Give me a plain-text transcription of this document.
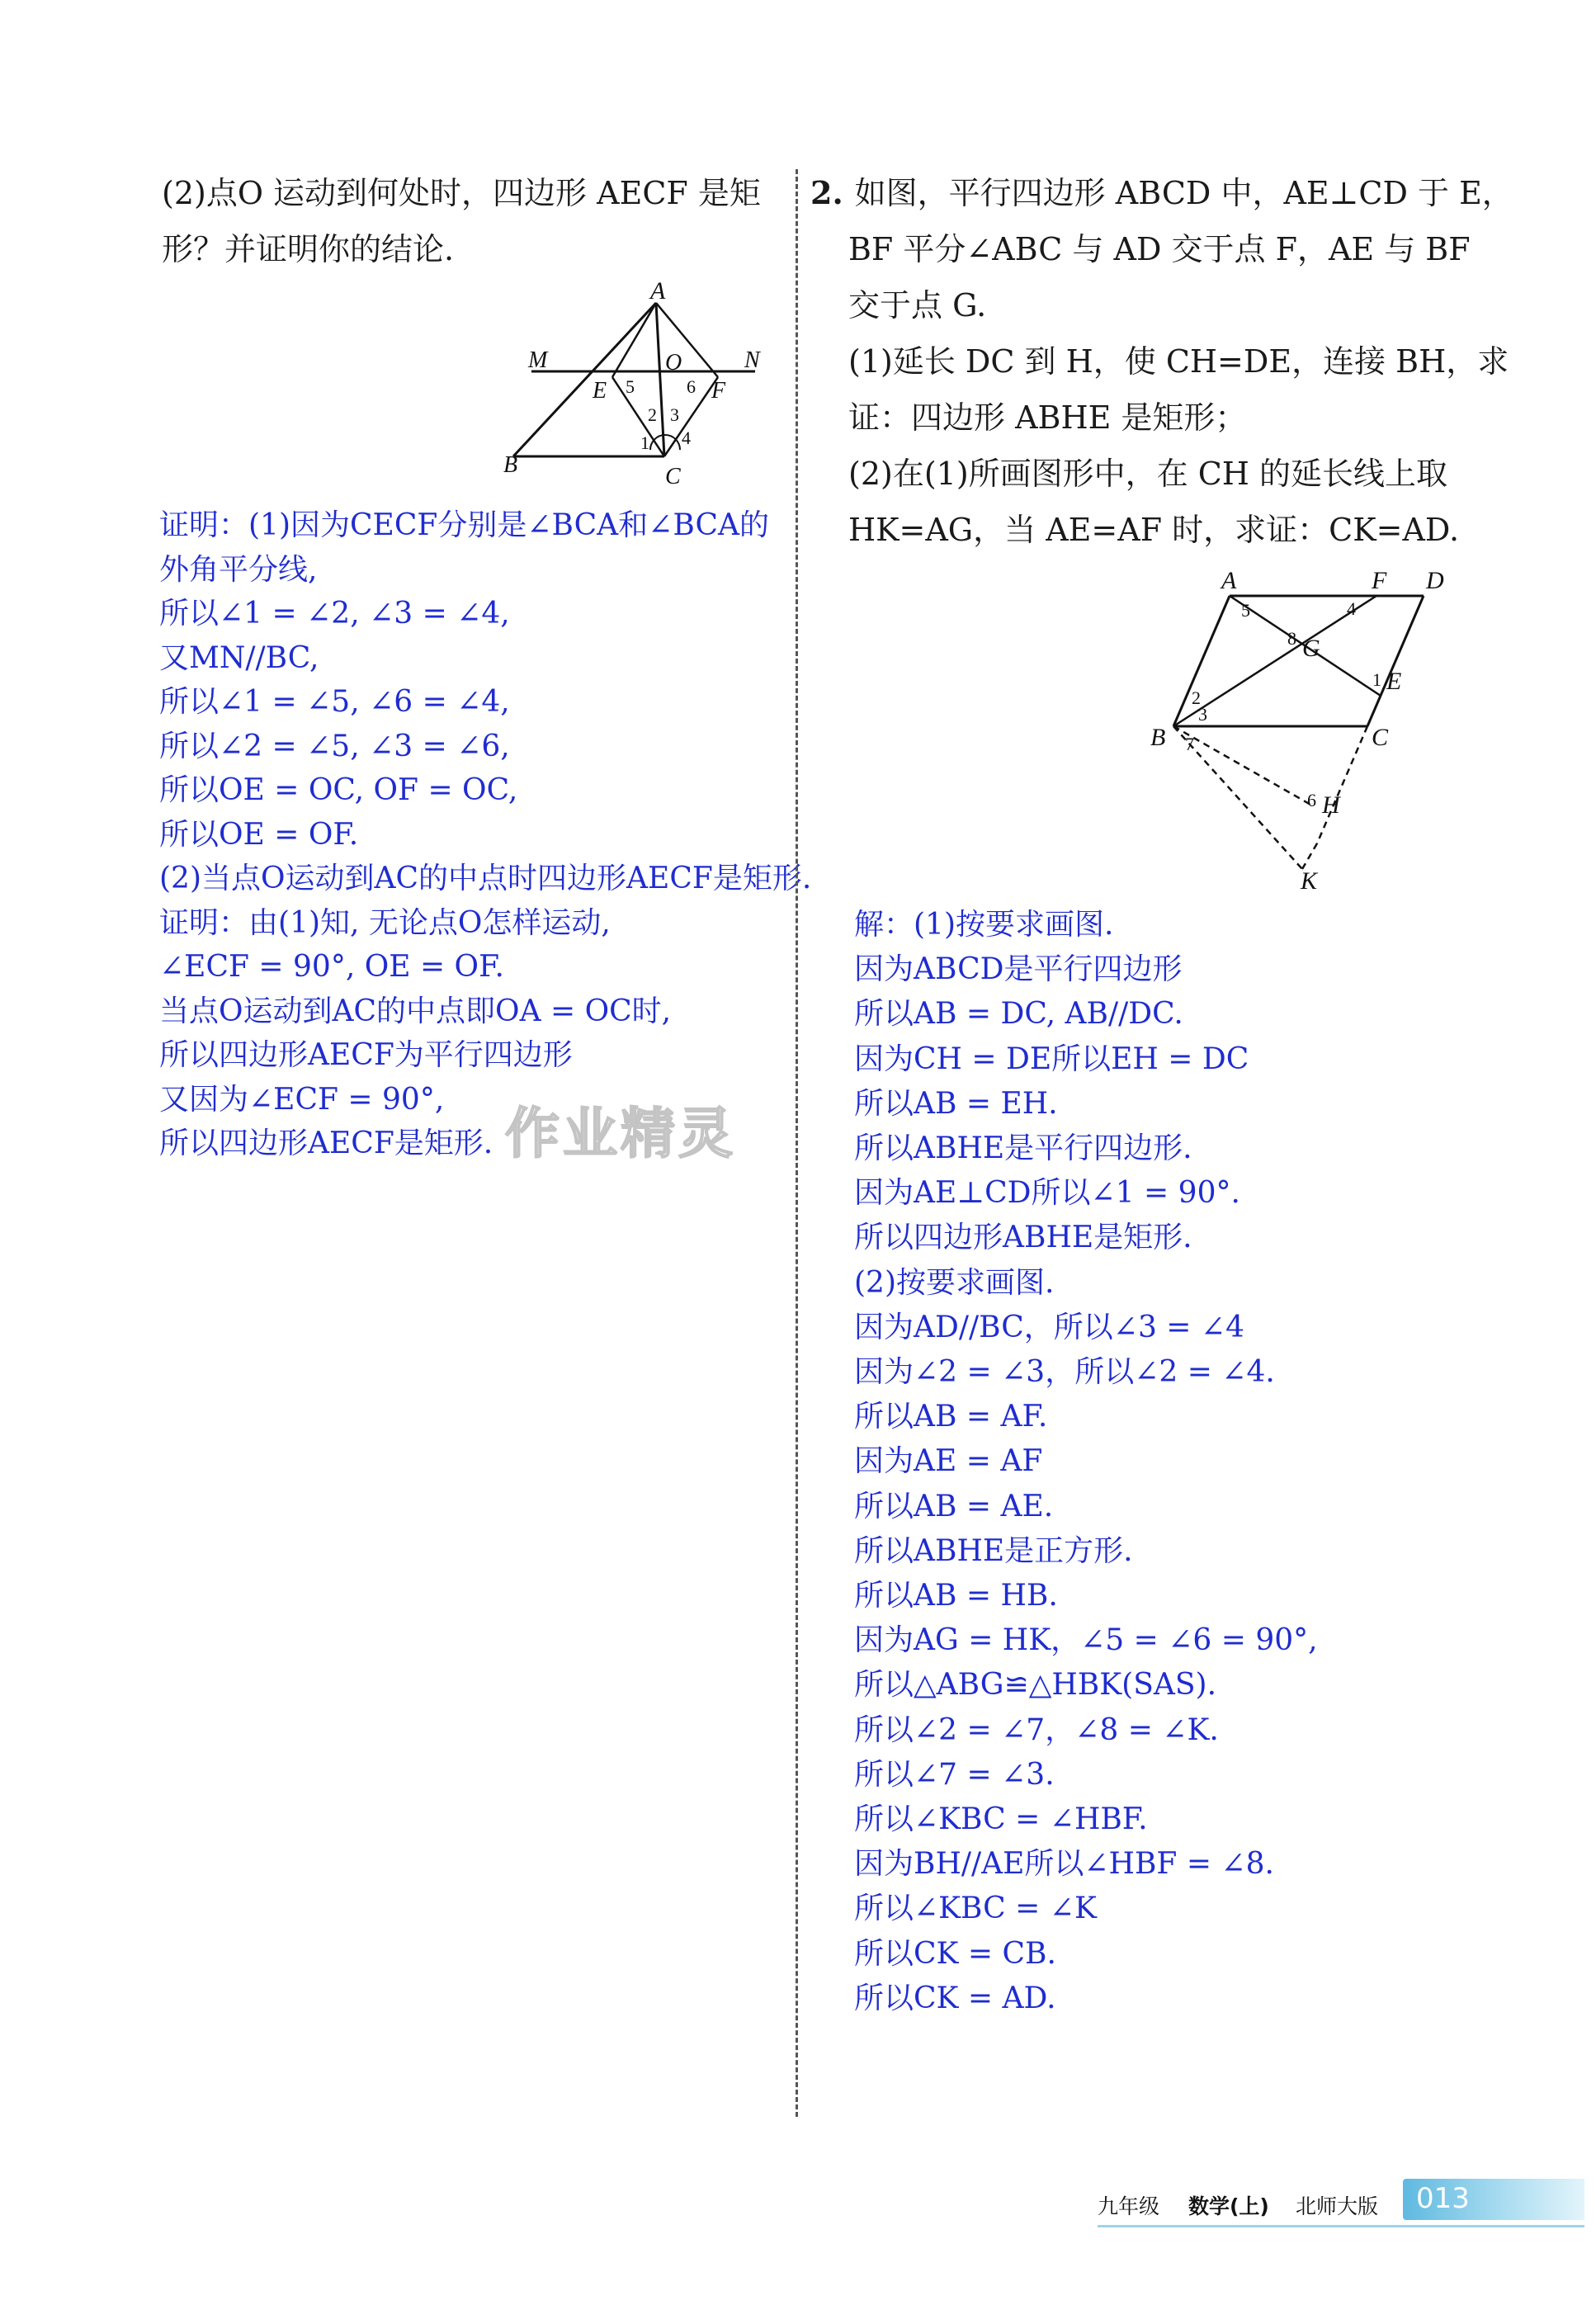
(2)点O 运动到何处时，四边形 AECF 是矩

形？并证明你的结论.

A
O
M	N
E	F
B	C
1
2 3
4
5	6

证明：(1)因为CECF分别是∠BCA和∠BCA的

外角平分线,

所以∠1 = ∠2, ∠3 = ∠4,

又MN//BC,

所以∠1 = ∠5, ∠6 = ∠4,

所以∠2 = ∠5, ∠3 = ∠6,

所以OE = OC, OF = OC,

所以OE = OF.

(2)当点O运动到AC的中点时四边形AECF是矩形.

证明：由(1)知, 无论点O怎样运动,

∠ECF = 90°, OE = OF.

当点O运动到AC的中点即OA = OC时,

所以四边形AECF为平行四边形

又因为∠ECF = 90°,

所以四边形AECF是矩形. 作业精灵

2. 如图，平行四边形 ABCD 中，AE⊥CD 于 E，

BF 平分∠ABC 与 AD 交于点 F，AE 与 BF

交于点 G.

(1)延长 DC 到 H，使 CH=DE，连接 BH，求

证：四边形 ABHE 是矩形；

(2)在(1)所画图形中，在 CH 的延长线上取

HK=AG，当 AE=AF 时，求证：CK=AD.

A	F D
G
E
B	C
H
K
1
2
3
4
5
6
7
8

解：(1)按要求画图.

因为ABCD是平行四边形

所以AB = DC, AB//DC.

因为CH = DE所以EH = DC

所以AB = EH.

所以ABHE是平行四边形.

因为AE⊥CD所以∠1 = 90°.

所以四边形ABHE是矩形.

(2)按要求画图.

因为AD//BC，所以∠3 = ∠4

因为∠2 = ∠3，所以∠2 = ∠4.

所以AB = AF.

因为AE = AF

所以AB = AE.

所以ABHE是正方形.

所以AB = HB.

因为AG = HK，∠5 = ∠6 = 90°,

所以△ABG≌△HBK(SAS).

所以∠2 = ∠7，∠8 = ∠K.

所以∠7 = ∠3.

所以∠KBC = ∠HBF.

因为BH//AE所以∠HBF = ∠8.

所以∠KBC = ∠K

所以CK = CB.

所以CK = AD.

九年级 数学(上) 北师大版 013
